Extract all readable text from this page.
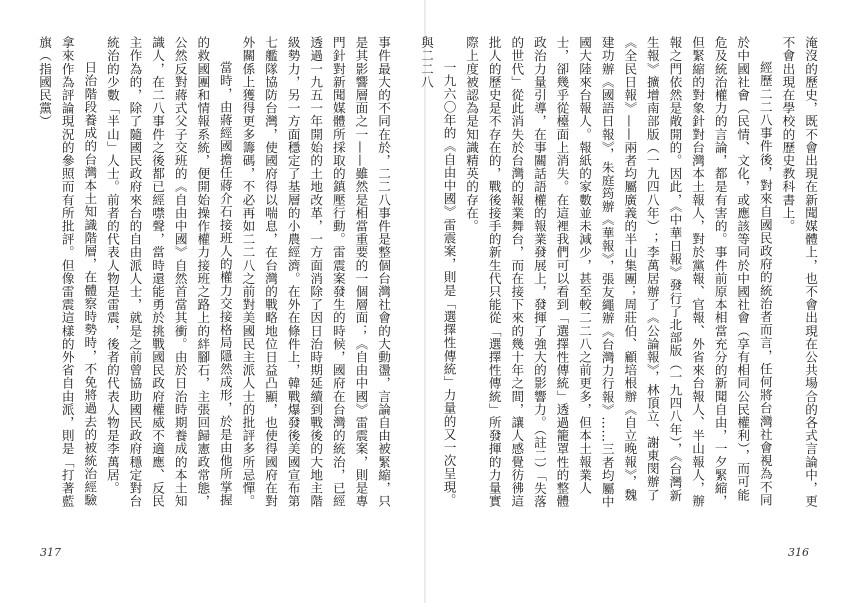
事件最大的不同在於，二二八事件是整個台灣社會的大動盪，言論自由被緊縮，只是其影響層面之一——雖然是相當重要的一個層面；《自由中國》雷震案，則是專門針對新聞媒體所採取的鎮壓行動。雷震案發生的時候，國府在台灣的統治，已經透過一九五一年開始的土地改革，一方面消除了因日治時期延續到戰後的大地主階級勢力，另一方面穩定了基層的小農經濟。在外在條件上，韓戰爆發後美國宣布第七艦隊協防台灣，使國府得以喘息，在台灣的戰略地位日益凸顯，也使得國府在對外關係上獲得更多籌碼，不必再如二二八之前對美國民主派人士的批評多所忌憚。

當時，由蔣經國擔任蔣介石接班人的權力交接格局隱然成形，於是由他所掌握的救國團和情報系統，便開始操作權力接班之路上的絆腳石，主張回歸憲政常態，公然反對蔣式父子交班的《自由中國》自然首當其衝。由於日治時期養成的本土知識人，在二八事件之後都已經噤聲，當時還能勇於挑戰國民政府權威不適應、反民主作為的，除了隨國民政府來台的自由派人士，就是之前曾協助國民政府穩定對台統治的少數「半山」人士。前者的代表人物是雷震，後者的代表人物是李萬居。

日治階段養成的台灣本土知識階層，在體察時勢時，不免將過去的被統治經驗拿來作為評論現況的參照而有所批評。但像雷震這樣的外省自由派，則是「打著藍旗（指國民黨）

317

淹沒的歷史，既不會出現在新聞媒體上，也不會出現在公共場合的各式言論中，更不會出現在學校的歷史教科書上。

經歷二二八事件後，對來自國民政府的統治者而言，任何將台灣社會視為不同於中國社會（民情、文化，或應該等同於中國社會（享有相同公民權利），而可能危及統治權力的言論，都是有害的。事件前原本相當充分的新聞自由，一夕緊縮，但緊縮的對象針對台灣本土報人，對於黨報、官報、外省來台報人、半山報人，辦報之門依然是敞開的。因此，《中華日報》發行了北部版（一九四八年），《台灣新生報》擴增南部版（一九四八年）；李萬居辦了《公論報》，林頂立、謝東閔辦了《全民日報》——兩者均屬廣義的半山集團；周莊伯、顧培根辦《自立晚報》，魏建功辦《國語日報》，朱庭筠辦《華報》，張友繩辦《台灣力行報》……三者均屬中國大陸來台報人。報紙的家數並未減少，甚至較二二八之前更多，但本土報業人士，卻幾乎從檯面上消失。在這裡我們可以看到「選擇性傳統」透過籠罩性的整體政治力量引導，在事關話語權的報業發展上，發揮了強大的影響力。（註二）「失落的世代」從此消失於台灣的報業舞台，而在接下來的幾十年之間，讓人感覺彷彿這批人的歷史是不存在的，戰後接手的新生代只能從「選擇性傳統」所發揮的力量實際上度被認為是知識精英的存在。

一九六〇年的《自由中國》雷震案，則是「選擇性傳統」力量的又一次呈現。與二二八

316
